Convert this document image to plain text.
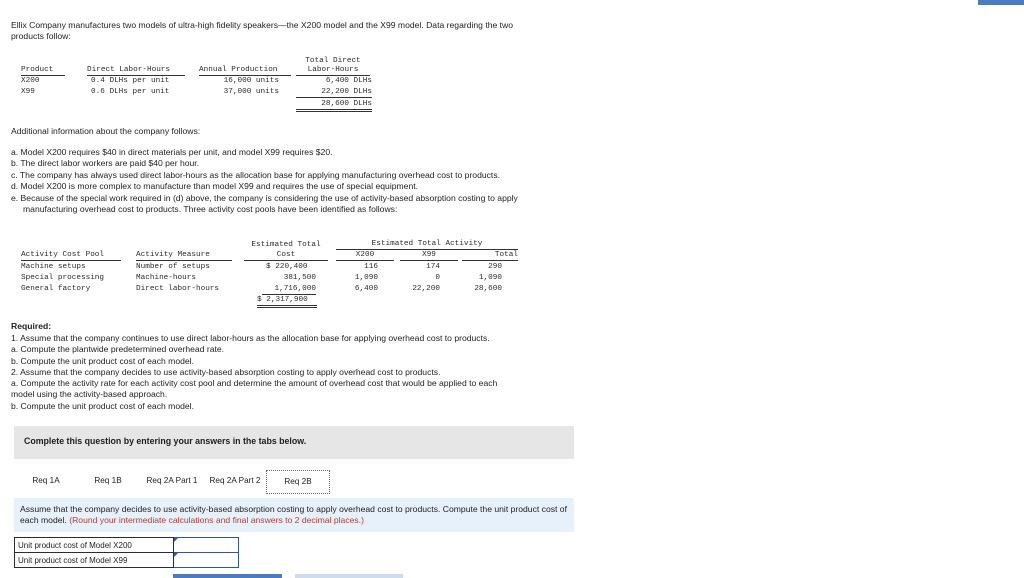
Ellix Company manufactures two models of ultra-high fidelity speakers—the X200 model and the X99 model. Data regarding the two
products follow:
Total Direct
Labor-Hours
Product	Direct Labor-Hours	Annual Production
X200	0.4 DLHs per unit	16,000 units	6,400 DLHs
X99	0.6 DLHs per unit	37,000 units	22,200 DLHs
28,600 DLHs
Additional information about the company follows:
a. Model X200 requires $40 in direct materials per unit, and model X99 requires $20.
b. The direct labor workers are paid $40 per hour.
c. The company has always used direct labor-hours as the allocation base for applying manufacturing overhead cost to products.
d. Model X200 is more complex to manufacture than model X99 and requires the use of special equipment.
e. Because of the special work required in (d) above, the company is considering the use of activity-based absorption costing to apply
manufacturing overhead cost to products. Three activity cost pools have been identified as follows:
Estimated Total
Cost
Estimated Total Activity
Activity Cost Pool	Activity Measure	X200	X99	Total
Machine setups	Number of setups	$ 220,400	116	174	290
Special processing	Machine-hours	381,500	1,090	0	1,090
General factory	Direct labor-hours	1,716,000	6,400	22,200	28,600
$ 2,317,900
Required:
1. Assume that the company continues to use direct labor-hours as the allocation base for applying overhead cost to products.
a. Compute the plantwide predetermined overhead rate.
b. Compute the unit product cost of each model.
2. Assume that the company decides to use activity-based absorption costing to apply overhead cost to products.
a. Compute the activity rate for each activity cost pool and determine the amount of overhead cost that would be applied to each
model using the activity-based approach.
b. Compute the unit product cost of each model.
Complete this question by entering your answers in the tabs below.
Req 1A	Req 1B	Req 2A Part 1	Req 2A Part 2	Req 2B
Assume that the company decides to use activity-based absorption costing to apply overhead cost to products. Compute the unit product cost of each model. (Round your intermediate calculations and final answers to 2 decimal places.)
Unit product cost of Model X200	

Unit product cost of Model X99	
